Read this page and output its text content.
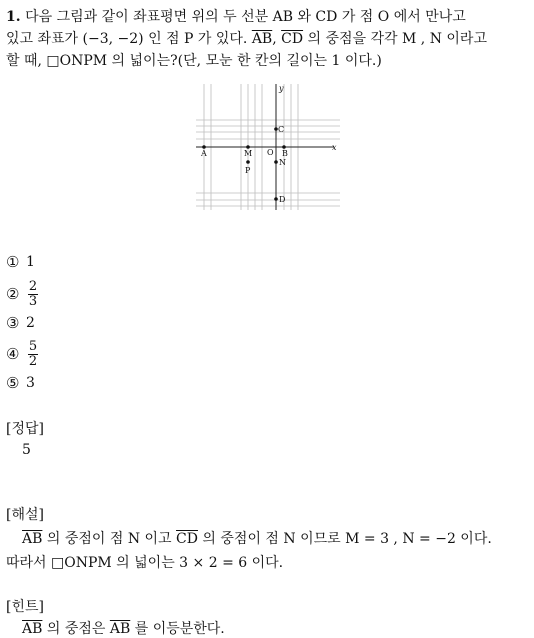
1. 다음 그림과 같이 좌표평면 위의 두 선분 AB 와 CD 가 점 O 에서 만나고
있고 좌표가 (−3, −2) 인 점 P 가 있다. $\overline{AB}$, $\overline{CD}$ 의 중점을 각각 M , N 이라고
할 때, □ONPM 의 넓이는?(단, 모눈 한 칸의 길이는 1 이다.)
y
x
C
A	M O B
N
P
D
① 1
② $\frac{2}{3}$
③ 2
④ $\frac{5}{2}$
⑤ 3
[정답]
5
[해설]
$\overline{AB}$ 의 중점이 점 N 이고 $\overline{CD}$ 의 중점이 점 N 이므로 M = 3 , N = −2 이다.
따라서 □ONPM 의 넓이는 3 × 2 = 6 이다.
[힌트]
$\overline{AB}$ 의 중점은 $\overline{AB}$ 를 이등분한다.
